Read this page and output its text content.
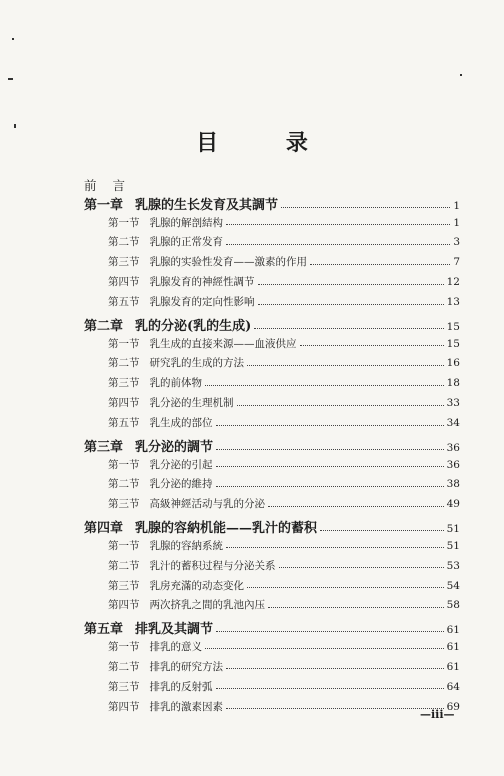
目 录
前 言
第一章 乳腺的生长发育及其調节	1
第一节 乳腺的解剖結构	1
第二节 乳腺的正常发育	3
第三节 乳腺的实验性发育——激素的作用	7
第四节 乳腺发育的神經性調节	12
第五节 乳腺发育的定向性影响	13
第二章 乳的分泌(乳的生成)	15
第一节 乳生成的直接来源——血液供应	15
第二节 研究乳的生成的方法	16
第三节 乳的前体物	18
第四节 乳分泌的生理机制	33
第五节 乳生成的部位	34
第三章 乳分泌的調节	36
第一节 乳分泌的引起	36
第二节 乳分泌的維持	38
第三节 高級神經活动与乳的分泌	49
第四章 乳腺的容納机能——乳汁的蓄积	51
第一节 乳腺的容納系統	51
第二节 乳汁的蓄积过程与分泌关系	53
第三节 乳房充滿的动态变化	54
第四节 两次挤乳之間的乳池內压	58
第五章 排乳及其調节	61
第一节 排乳的意义	61
第二节 排乳的研究方法	61
第三节 排乳的反射弧	64
第四节 排乳的激素因素	69
—iii—
